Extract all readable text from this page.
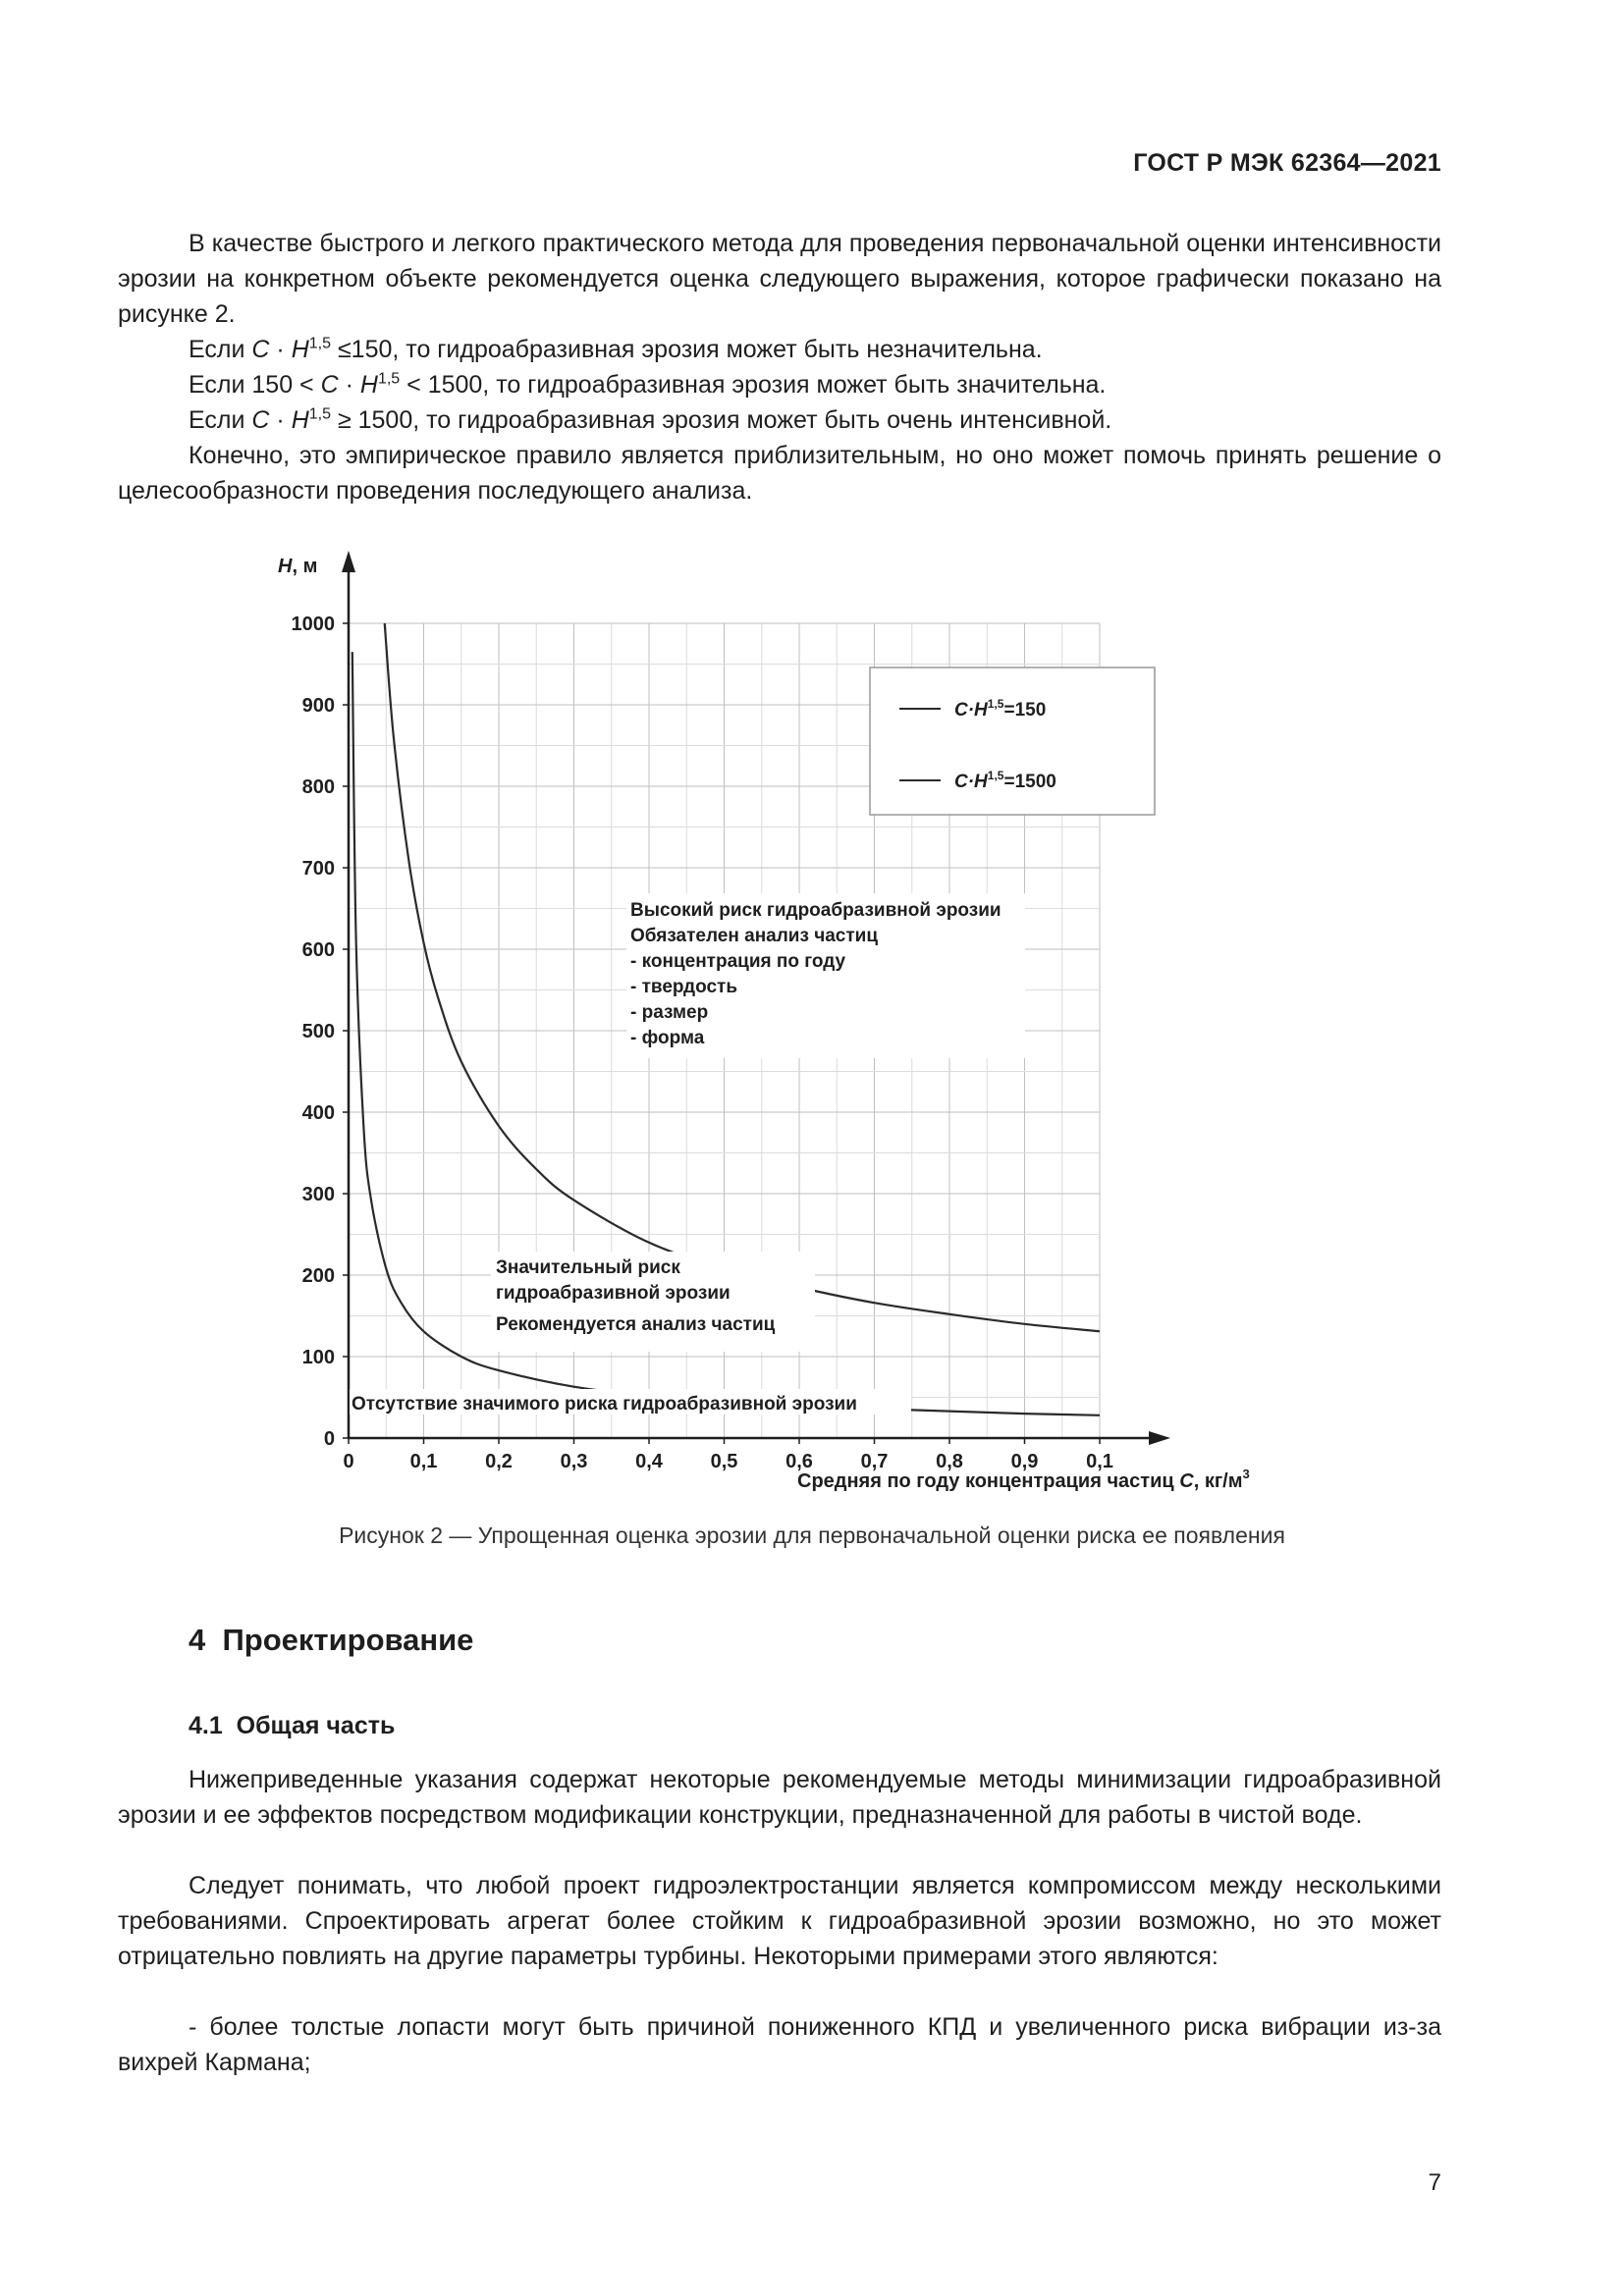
ГОСТ Р МЭК 62364—2021

В качестве быстрого и легкого практического метода для проведения первоначальной оценки интенсивности эрозии на конкретном объекте рекомендуется оценка следующего выражения, которое графически показано на рисунке 2.

Если C · H$^{1,5}$ ≤150, то гидроабразивная эрозия может быть незначительна.

Если 150 < C · H$^{1,5}$ < 1500, то гидроабразивная эрозия может быть значительна.

Если C · H$^{1,5}$ ≥ 1500, то гидроабразивная эрозия может быть очень интенсивной.

Конечно, это эмпирическое правило является приблизительным, но оно может помочь принять решение о целесообразности проведения последующего анализа.

0	0,1 0,2 0,3 0,4 0,5 0,6 0,7 0,8 0,9 0,1
0
100
200
300
400
500
600
700
800
900
1000
H, м
Средняя по году концентрация частиц C, $кг/м^3$
$C\cdot H^{1,5}=150$
$C\cdot H^{1,5}=1500$
Высокий риск гидроабразивной эрозии Обязателен анализ частиц - концентрация по году - твердость - размер - форма
Значительный риск гидроабразивной эрозии Рекомендуется анализ частиц
Отсутствие значимого риска гидроабразивной эрозии
Рисунок 2 — Упрощенная оценка эрозии для первоначальной оценки риска ее появления
4 Проектирование
4.1 Общая часть

Нижеприведенные указания содержат некоторые рекомендуемые методы минимизации гидроабразивной эрозии и ее эффектов посредством модификации конструкции, предназначенной для работы в чистой воде.

Следует понимать, что любой проект гидроэлектростанции является компромиссом между несколькими требованиями. Спроектировать агрегат более стойким к гидроабразивной эрозии возможно, но это может отрицательно повлиять на другие параметры турбины. Некоторыми примерами этого являются:

- более толстые лопасти могут быть причиной пониженного КПД и увеличенного риска вибрации из-за вихрей Кармана;

7
